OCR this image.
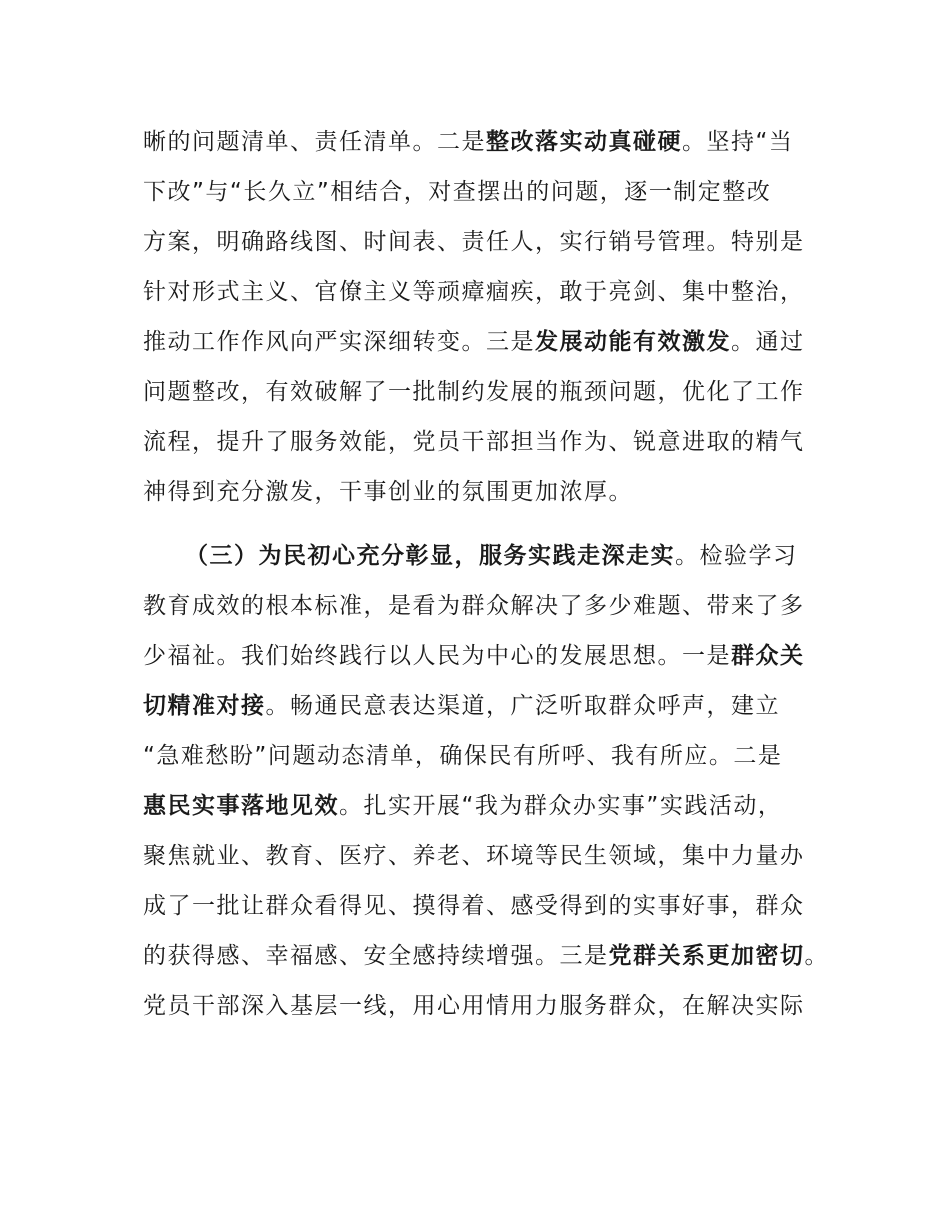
晰的问题清单、责任清单。二是整改落实动真碰硬。坚持“当
下改”与“长久立”相结合，对查摆出的问题，逐一制定整改
方案，明确路线图、时间表、责任人，实行销号管理。特别是
针对形式主义、官僚主义等顽瘴痼疾，敢于亮剑、集中整治，
推动工作作风向严实深细转变。三是发展动能有效激发。通过
问题整改，有效破解了一批制约发展的瓶颈问题，优化了工作
流程，提升了服务效能，党员干部担当作为、锐意进取的精气
神得到充分激发，干事创业的氛围更加浓厚。
（三）为民初心充分彰显，服务实践走深走实。检验学习
教育成效的根本标准，是看为群众解决了多少难题、带来了多
少福祉。我们始终践行以人民为中心的发展思想。一是群众关
切精准对接。畅通民意表达渠道，广泛听取群众呼声，建立
“急难愁盼”问题动态清单，确保民有所呼、我有所应。二是
惠民实事落地见效。扎实开展“我为群众办实事”实践活动，
聚焦就业、教育、医疗、养老、环境等民生领域，集中力量办
成了一批让群众看得见、摸得着、感受得到的实事好事，群众
的获得感、幸福感、安全感持续增强。三是党群关系更加密切。
党员干部深入基层一线，用心用情用力服务群众，在解决实际
